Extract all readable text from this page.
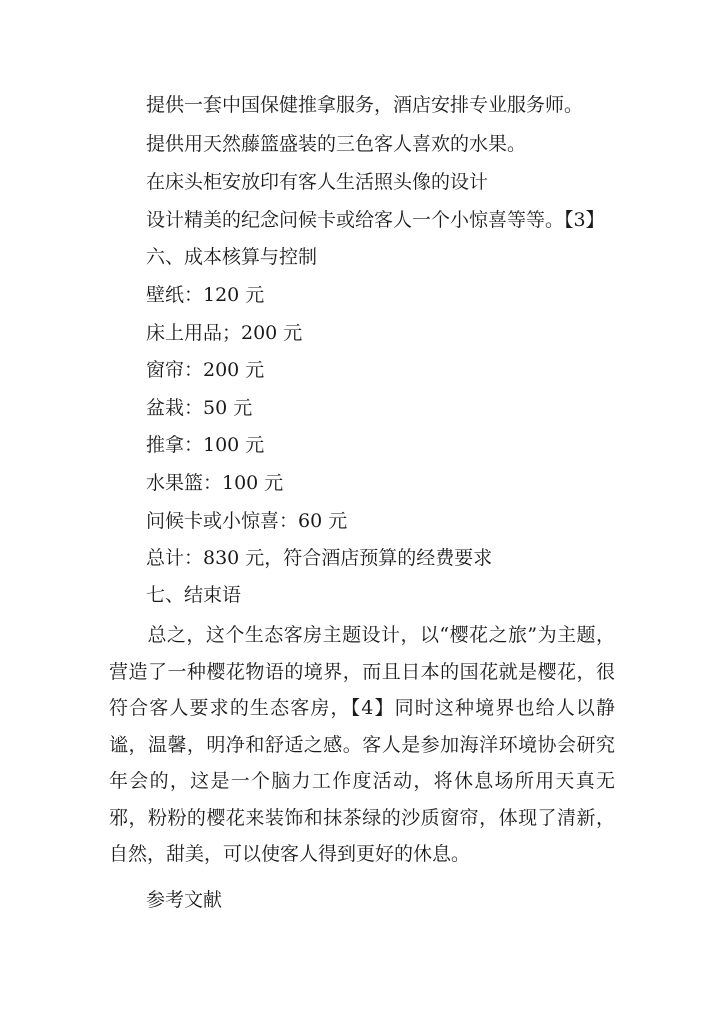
提供一套中国保健推拿服务，酒店安排专业服务师。
提供用天然藤篮盛装的三色客人喜欢的水果。
在床头柜安放印有客人生活照头像的设计
设计精美的纪念问候卡或给客人一个小惊喜等等。【3】
六、成本核算与控制
壁纸：120 元
床上用品；200 元
窗帘：200 元
盆栽：50 元
推拿：100 元
水果篮：100 元
问候卡或小惊喜：60 元
总计：830 元，符合酒店预算的经费要求
七、结束语
总之，这个生态客房主题设计，以“樱花之旅”为主题，营造了一种樱花物语的境界，而且日本的国花就是樱花，很符合客人要求的生态客房，【4】同时这种境界也给人以静谧，温馨，明净和舒适之感。客人是参加海洋环境协会研究年会的，这是一个脑力工作度活动，将休息场所用天真无邪，粉粉的樱花来装饰和抹茶绿的沙质窗帘，体现了清新，自然，甜美，可以使客人得到更好的休息。
参考文献
